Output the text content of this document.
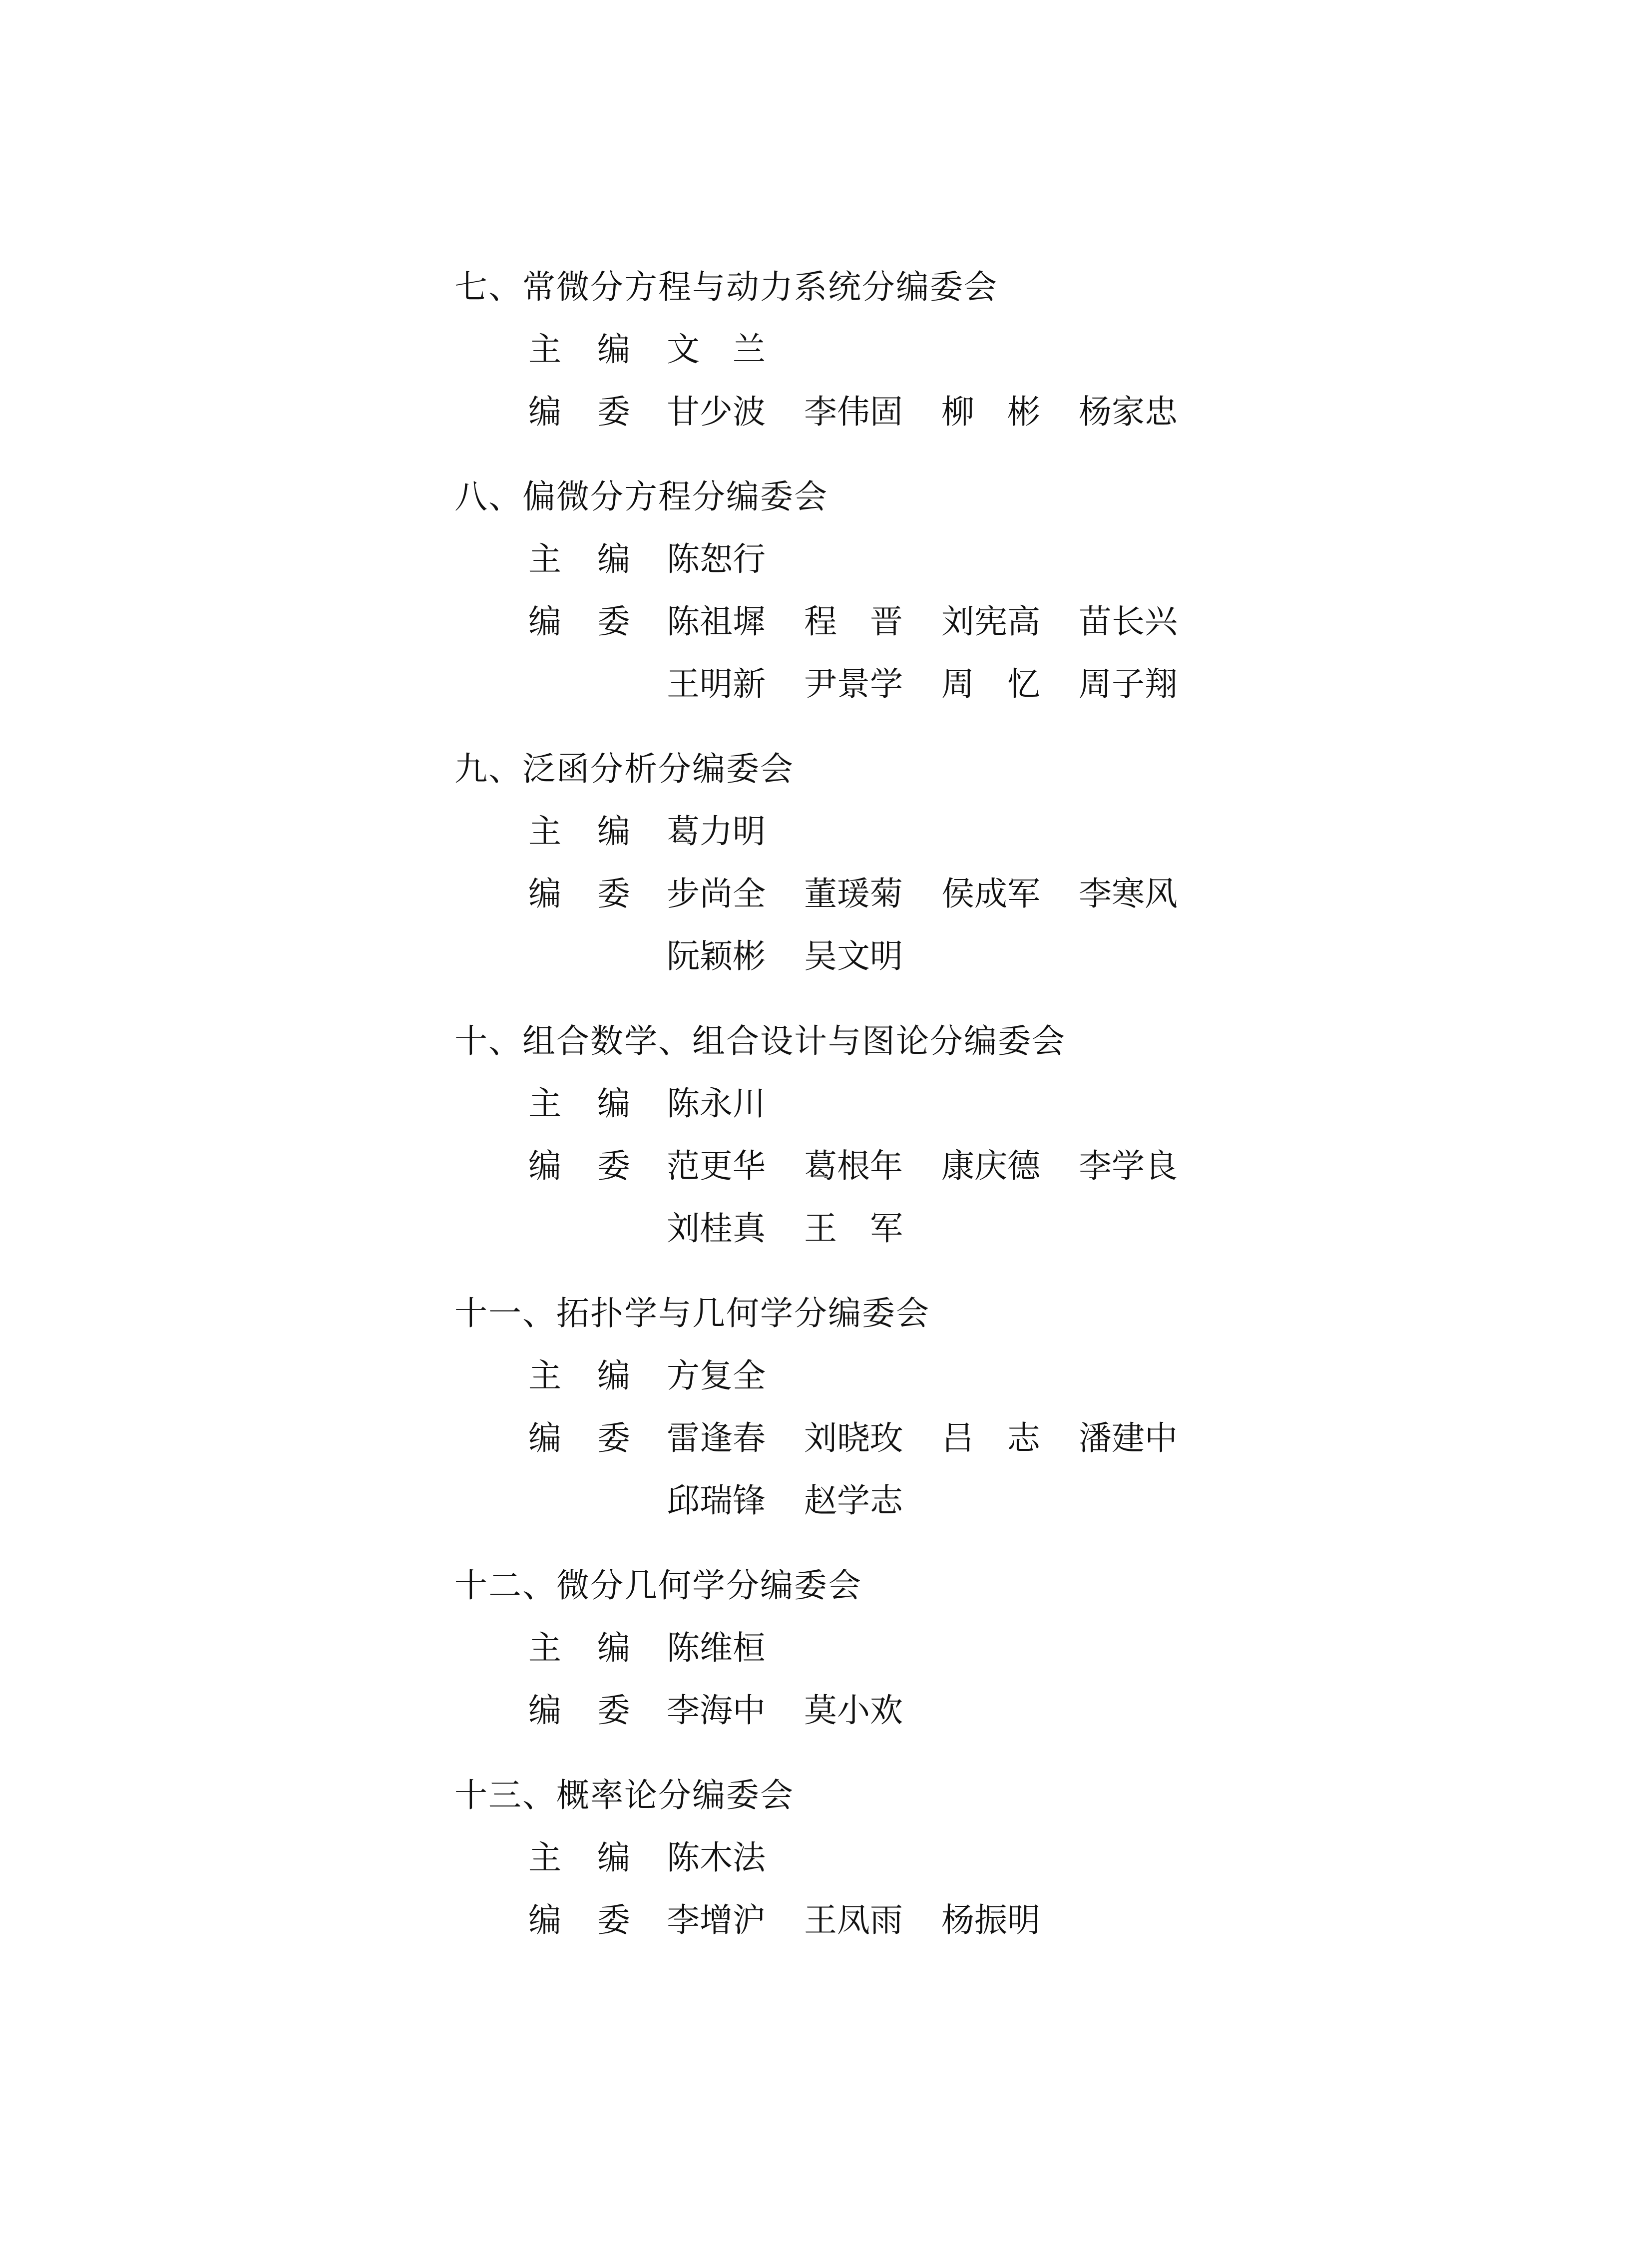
七、常微分方程与动力系统分编委会
主 编 文　兰
编 委 甘少波 李伟固 柳　彬 杨家忠
八、偏微分方程分编委会
主 编 陈恕行
编 委 陈祖墀 程　晋 刘宪高 苗长兴
王明新 尹景学 周　忆 周子翔
九、泛函分析分编委会
主 编 葛力明
编 委 步尚全 董瑗菊 侯成军 李寒风
阮颖彬 吴文明
十、组合数学、组合设计与图论分编委会
主 编 陈永川
编 委 范更华 葛根年 康庆德 李学良
刘桂真 王　军
十一、拓扑学与几何学分编委会
主 编 方复全
编 委 雷逢春 刘晓玫 吕　志 潘建中
邱瑞锋 赵学志
十二、微分几何学分编委会
主 编 陈维桓
编 委 李海中 莫小欢
十三、概率论分编委会
主 编 陈木法
编 委 李增沪 王凤雨 杨振明
